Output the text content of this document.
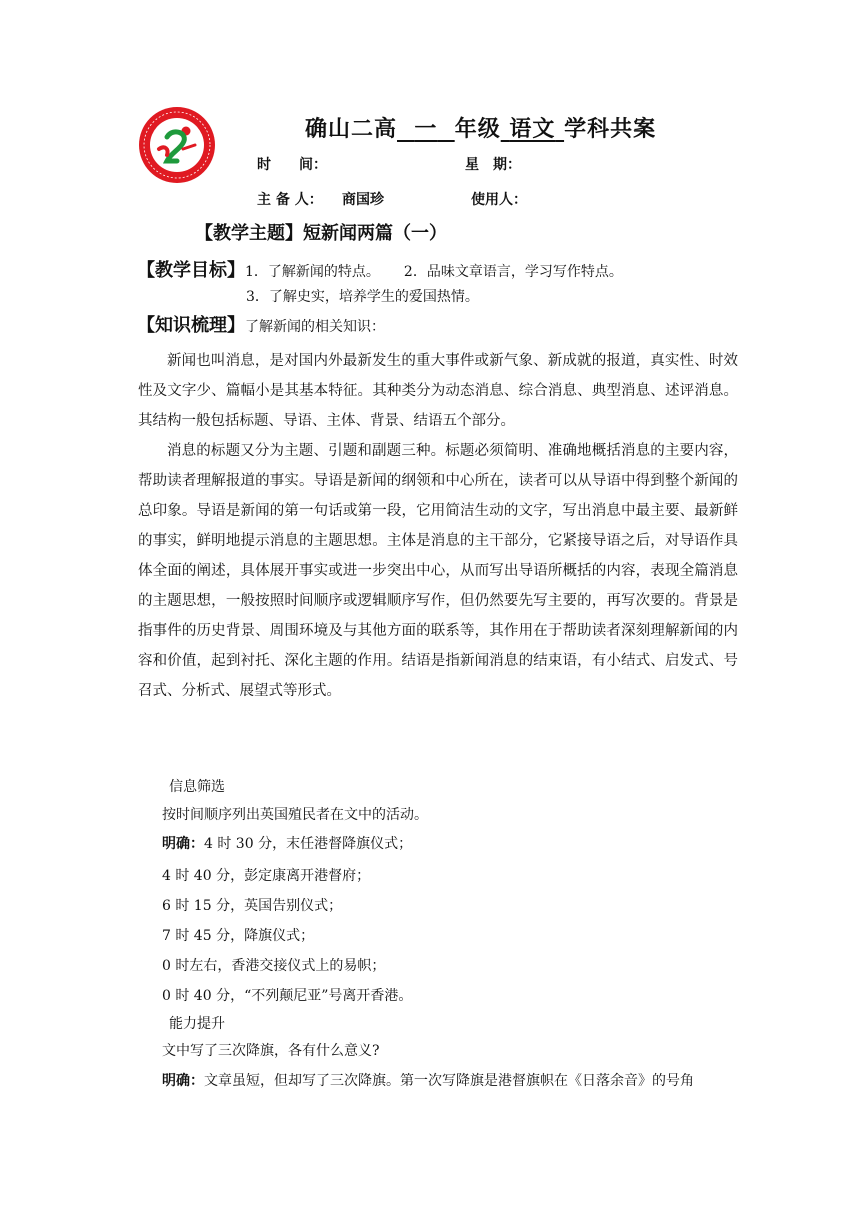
确山二高 一 年级 语文 学科共案
时　　间：	星　期：
主 备 人： 商国珍	使用人：
【教学主题】短新闻两篇（一）
【教学目标】1．了解新闻的特点。 2．品味文章语言，学习写作特点。
3．了解史实，培养学生的爱国热情。
【知识梳理】了解新闻的相关知识：

新闻也叫消息，是对国内外最新发生的重大事件或新气象、新成就的报道，真实性、时效性及文字少、篇幅小是其基本特征。其种类分为动态消息、综合消息、典型消息、述评消息。其结构一般包括标题、导语、主体、背景、结语五个部分。

消息的标题又分为主题、引题和副题三种。标题必须简明、准确地概括消息的主要内容，帮助读者理解报道的事实。导语是新闻的纲领和中心所在，读者可以从导语中得到整个新闻的总印象。导语是新闻的第一句话或第一段，它用简洁生动的文字，写出消息中最主要、最新鲜的事实，鲜明地提示消息的主题思想。主体是消息的主干部分，它紧接导语之后，对导语作具体全面的阐述，具体展开事实或进一步突出中心，从而写出导语所概括的内容，表现全篇消息的主题思想，一般按照时间顺序或逻辑顺序写作，但仍然要先写主要的，再写次要的。背景是指事件的历史背景、周围环境及与其他方面的联系等，其作用在于帮助读者深刻理解新闻的内容和价值，起到衬托、深化主题的作用。结语是指新闻消息的结束语，有小结式、启发式、号召式、分析式、展望式等形式。

信息筛选
按时间顺序列出英国殖民者在文中的活动。
明确：4 时 30 分，末任港督降旗仪式；
4 时 40 分，彭定康离开港督府；
6 时 15 分，英国告别仪式；
7 时 45 分，降旗仪式；
0 时左右，香港交接仪式上的易帜；
0 时 40 分，“不列颠尼亚”号离开香港。
能力提升
文中写了三次降旗，各有什么意义?
明确：文章虽短，但却写了三次降旗。第一次写降旗是港督旗帜在《日落余音》的号角
